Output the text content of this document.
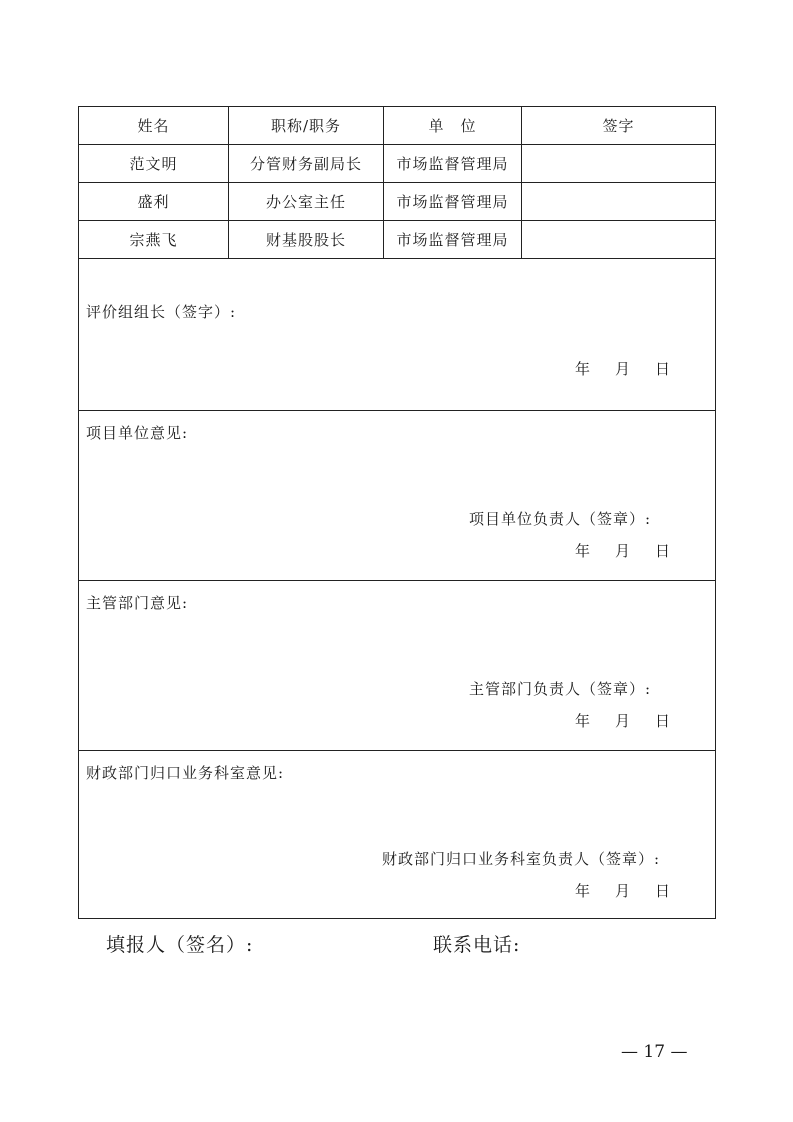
姓名	职称/职务	单　位	签字
范文明	分管财务副局长	市场监督管理局
盛利	办公室主任	市场监督管理局
宗燕飞	财基股股长	市场监督管理局
评价组组长（签字）:
年 月 日
项目单位意见:
项目单位负责人（签章）:
年 月 日
主管部门意见:
主管部门负责人（签章）:
年 月 日
财政部门归口业务科室意见:
财政部门归口业务科室负责人（签章）:
年 月 日
填报人（签名）:	联系电话:
— 17 —
